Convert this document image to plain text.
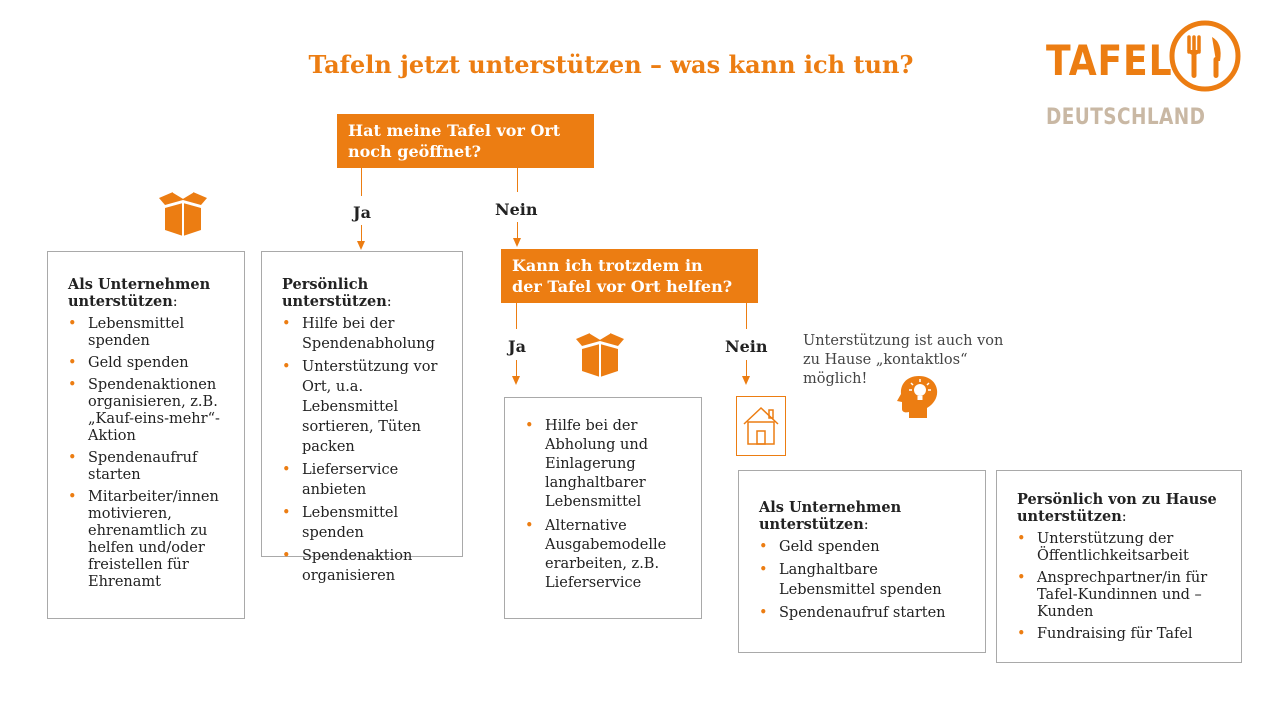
Tafeln jetzt unterstützen – was kann ich tun?	TAFEL
DEUTSCHLAND
Hat meine Tafel vor Ort
noch geöffnet?
Ja	Nein
Kann ich trotzdem in
der Tafel vor Ort helfen?
Ja	Nein Unterstützung ist auch von zu Hause „kontaktlos“ möglich!
Als Unternehmen unterstützen:
• Lebensmittel spenden
• Geld spenden
• Spendenaktionen organisieren, z.B. „Kauf-eins-mehr“-Aktion
• Spendenaufruf starten
• Mitarbeiter/innen motivieren, ehrenamtlich zu helfen und/oder freistellen für Ehrenamt
Persönlich unterstützen:
• Hilfe bei der Spendenabholung
• Unterstützung vor Ort, u.a. Lebensmittel sortieren, Tüten packen
• Lieferservice anbieten
• Lebensmittel spenden
• Spendenaktion organisieren
• Hilfe bei der Abholung und Einlagerung langhaltbarer Lebensmittel
• Alternative Ausgabemodelle erarbeiten, z.B. Lieferservice
Als Unternehmen unterstützen:
• Geld spenden
• Langhaltbare Lebensmittel spenden
• Spendenaufruf starten
Persönlich von zu Hause unterstützen:
• Unterstützung der Öffentlichkeitsarbeit
• Ansprechpartner/in für Tafel-Kundinnen und –Kunden
• Fundraising für Tafel
